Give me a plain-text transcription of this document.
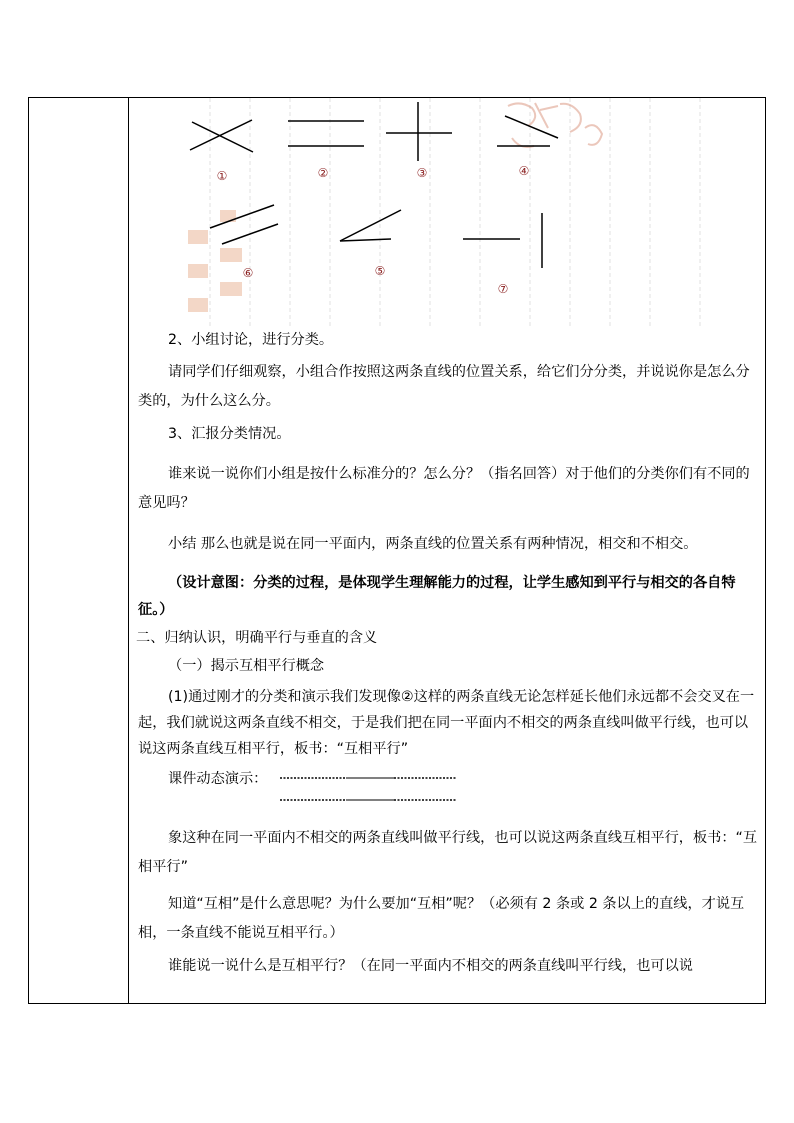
①	②	③	④
⑤
⑥
⑦

2、小组讨论，进行分类。

请同学们仔细观察，小组合作按照这两条直线的位置关系，给它们分分类，并说说你是怎么分类的，为什么这么分。

3、汇报分类情况。

谁来说一说你们小组是按什么标准分的？怎么分？（指名回答）对于他们的分类你们有不同的意见吗？

小结 那么也就是说在同一平面内，两条直线的位置关系有两种情况，相交和不相交。

（设计意图：分类的过程，是体现学生理解能力的过程，让学生感知到平行与相交的各自特征。）

二、归纳认识，明确平行与垂直的含义

（一）揭示互相平行概念

(1)通过刚才的分类和演示我们发现像②这样的两条直线无论怎样延长他们永远都不会交叉在一起，我们就说这两条直线不相交，于是我们把在同一平面内不相交的两条直线叫做平行线，也可以说这两条直线互相平行，板书：“互相平行”

课件动态演示：

象这种在同一平面内不相交的两条直线叫做平行线，也可以说这两条直线互相平行，板书：“互相平行”

知道“互相”是什么意思呢？为什么要加“互相”呢？（必须有 2 条或 2 条以上的直线，才说互相，一条直线不能说互相平行。）

谁能说一说什么是互相平行？（在同一平面内不相交的两条直线叫平行线，也可以说
